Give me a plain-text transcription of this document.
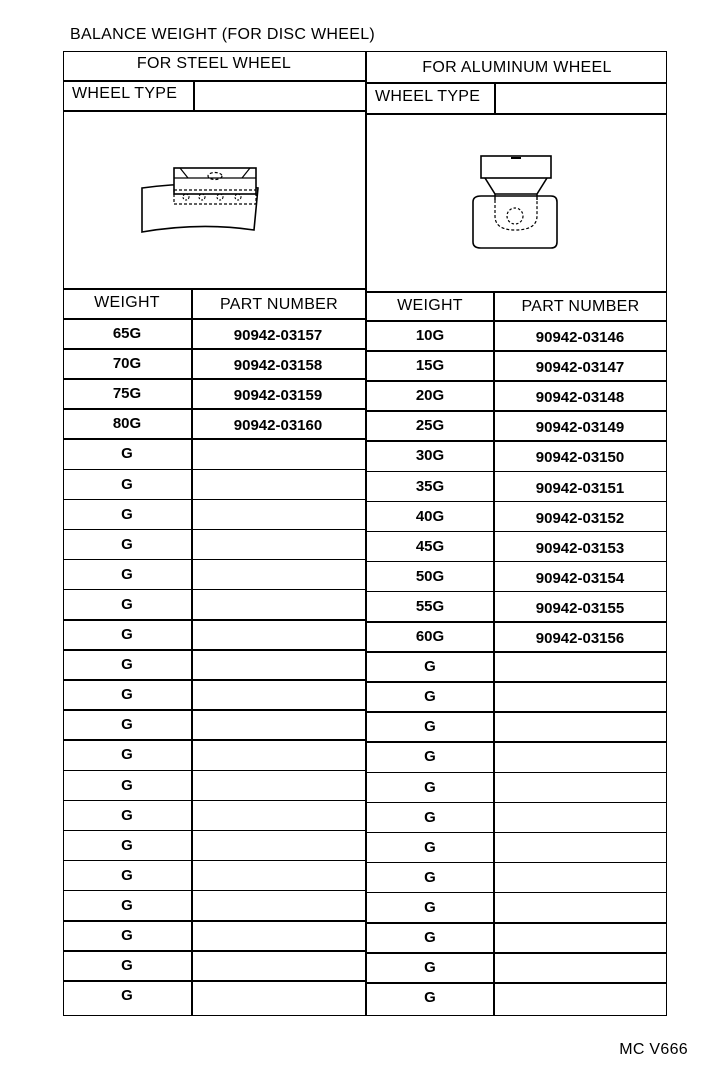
BALANCE WEIGHT (FOR DISC WHEEL)
FOR STEEL WHEEL	FOR ALUMINUM WHEEL
WHEEL TYPE	WHEEL TYPE
WEIGHT	PART NUMBER	WEIGHT	PART NUMBER
65G	90942-03157
70G	90942-03158
75G	90942-03159
80G	90942-03160
G
G
G
G
G
G
G
G
G
G
G
G
G
G
G
G
G
G
G
10G	90942-03146
15G	90942-03147
20G	90942-03148
25G	90942-03149
30G	90942-03150
35G	90942-03151
40G	90942-03152
45G	90942-03153
50G	90942-03154
55G	90942-03155
60G	90942-03156
G
G
G
G
G
G
G
G
G
G
G
G
MC V666
